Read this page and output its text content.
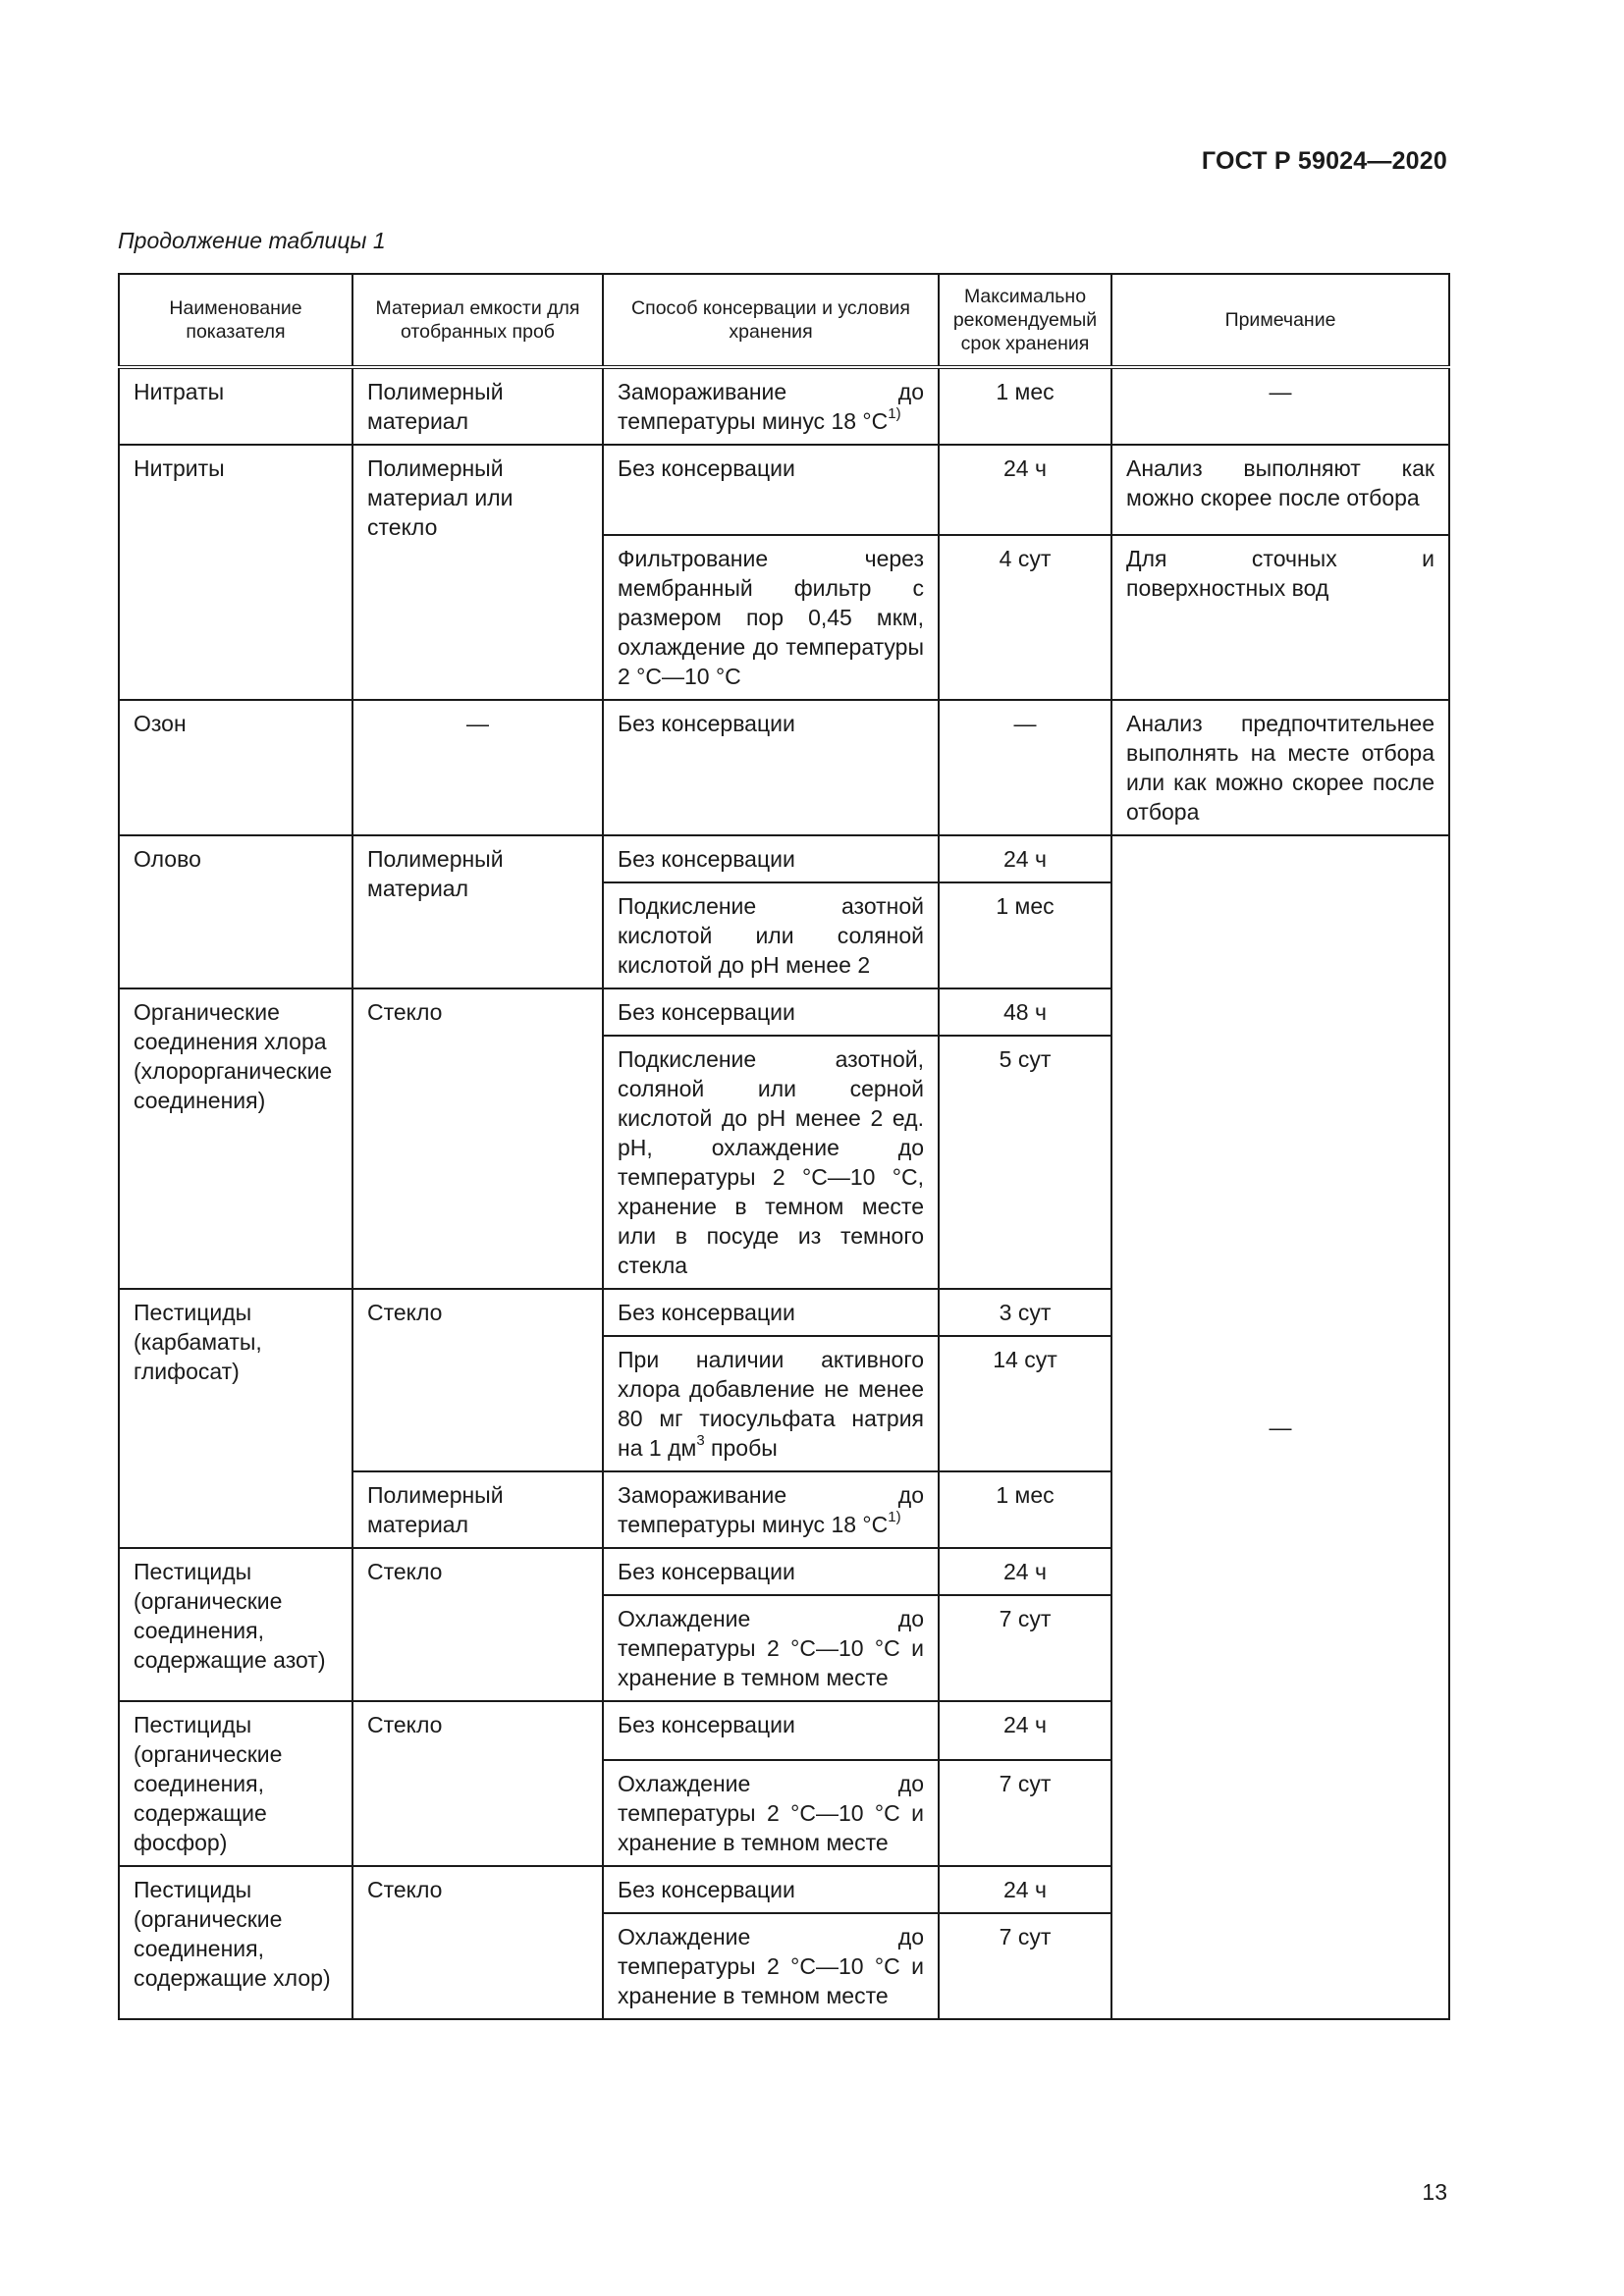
ГОСТ Р 59024—2020
Продолжение таблицы 1
Наименование показателя	Материал емкости для отобранных проб	Способ консервации и условия хранения	Максимально рекомендуемый срок хранения	Примечание
Нитраты	Полимерный материал	Замораживание до температуры минус 18 $^\circ С^{1)}$	1 мес	—
Нитриты	Полимерный материал или стекло	Без консервации	24 ч	Анализ выполняют как можно скорее после отбора
		Фильтрование через мембранный фильтр с размером пор 0,45 мкм, охлаждение до температуры 2 °С—10 °С	4 сут	Для сточных и поверхностных вод
Озон	—	Без консервации	—	Анализ предпочтительнее выполнять на месте отбора или как можно скорее после отбора
Олово	Полимерный материал	Без консервации	24 ч	—
		Подкисление азотной кислотой или соляной кислотой до рН менее 2	1 мес	
Органические соединения хлора (хлорорганические соединения)	Стекло	Без консервации	48 ч	
		Подкисление азотной, соляной или серной кислотой до рН менее 2 ед. рН, охлаждение до температуры 2 °С—10 °С, хранение в темном месте или в посуде из темного стекла	5 сут	
Пестициды (карбаматы, глифосат)	Стекло	Без консервации	3 сут	
		При наличии активного хлора добавление не менее 80 мг тиосульфата натрия на 1 $дм^3$ пробы	14 сут	
	Полимерный материал	Замораживание до температуры минус 18 $^\circ С^{1)}$	1 мес	
Пестициды (органические соединения, содержащие азот)	Стекло	Без консервации	24 ч	
		Охлаждение до температуры 2 °С—10 °С и хранение в темном месте	7 сут	
Пестициды (органические соединения, содержащие фосфор)	Стекло	Без консервации	24 ч	
		Охлаждение до температуры 2 °С—10 °С и хранение в темном месте	7 сут	
Пестициды (органические соединения, содержащие хлор)	Стекло	Без консервации	24 ч	
		Охлаждение до температуры 2 °С—10 °С и хранение в темном месте	7 сут	
13
